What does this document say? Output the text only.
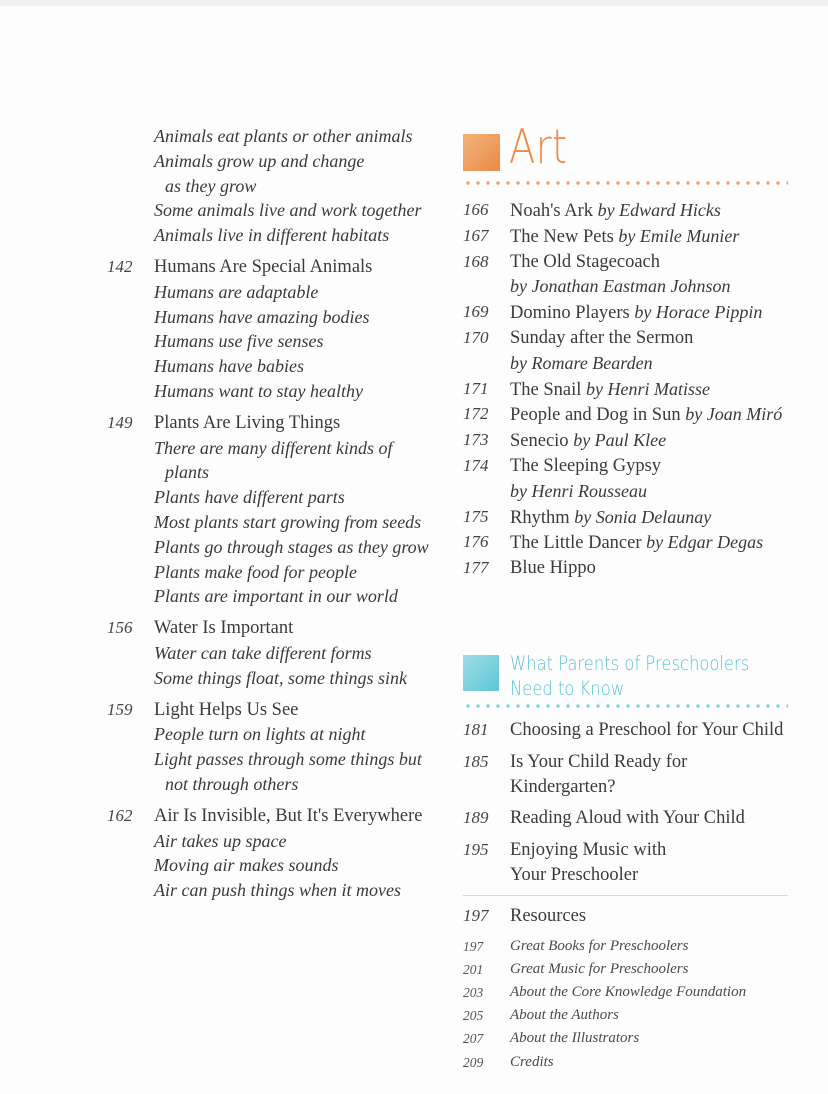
Animals eat plants or other animals
Animals grow up and change
as they grow
Some animals live and work together
Animals live in different habitats
142	Humans Are Special Animals
Humans are adaptable
Humans have amazing bodies
Humans use five senses
Humans have babies
Humans want to stay healthy
149	Plants Are Living Things
There are many different kinds of
plants
Plants have different parts
Most plants start growing from seeds
Plants go through stages as they grow
Plants make food for people
Plants are important in our world
156	Water Is Important
Water can take different forms
Some things float, some things sink
159	Light Helps Us See
People turn on lights at night
Light passes through some things but
not through others
162	Air Is Invisible, But It's Everywhere
Air takes up space
Moving air makes sounds
Air can push things when it moves
Art
166	Noah's Ark by Edward Hicks
167	The New Pets by Emile Munier
168	The Old Stagecoach
by Jonathan Eastman Johnson
169	Domino Players by Horace Pippin
170	Sunday after the Sermon
by Romare Bearden
171	The Snail by Henri Matisse
172	People and Dog in Sun by Joan Miró
173	Senecio by Paul Klee
174	The Sleeping Gypsy
by Henri Rousseau
175	Rhythm by Sonia Delaunay
176	The Little Dancer by Edgar Degas
177	Blue Hippo
What Parents of Preschoolers
Need to Know
181	Choosing a Preschool for Your Child
185	Is Your Child Ready for Kindergarten?
189	Reading Aloud with Your Child
195	Enjoying Music with
Your Preschooler
197	Resources
197	Great Books for Preschoolers
201	Great Music for Preschoolers
203	About the Core Knowledge Foundation
205	About the Authors
207	About the Illustrators
209	Credits
